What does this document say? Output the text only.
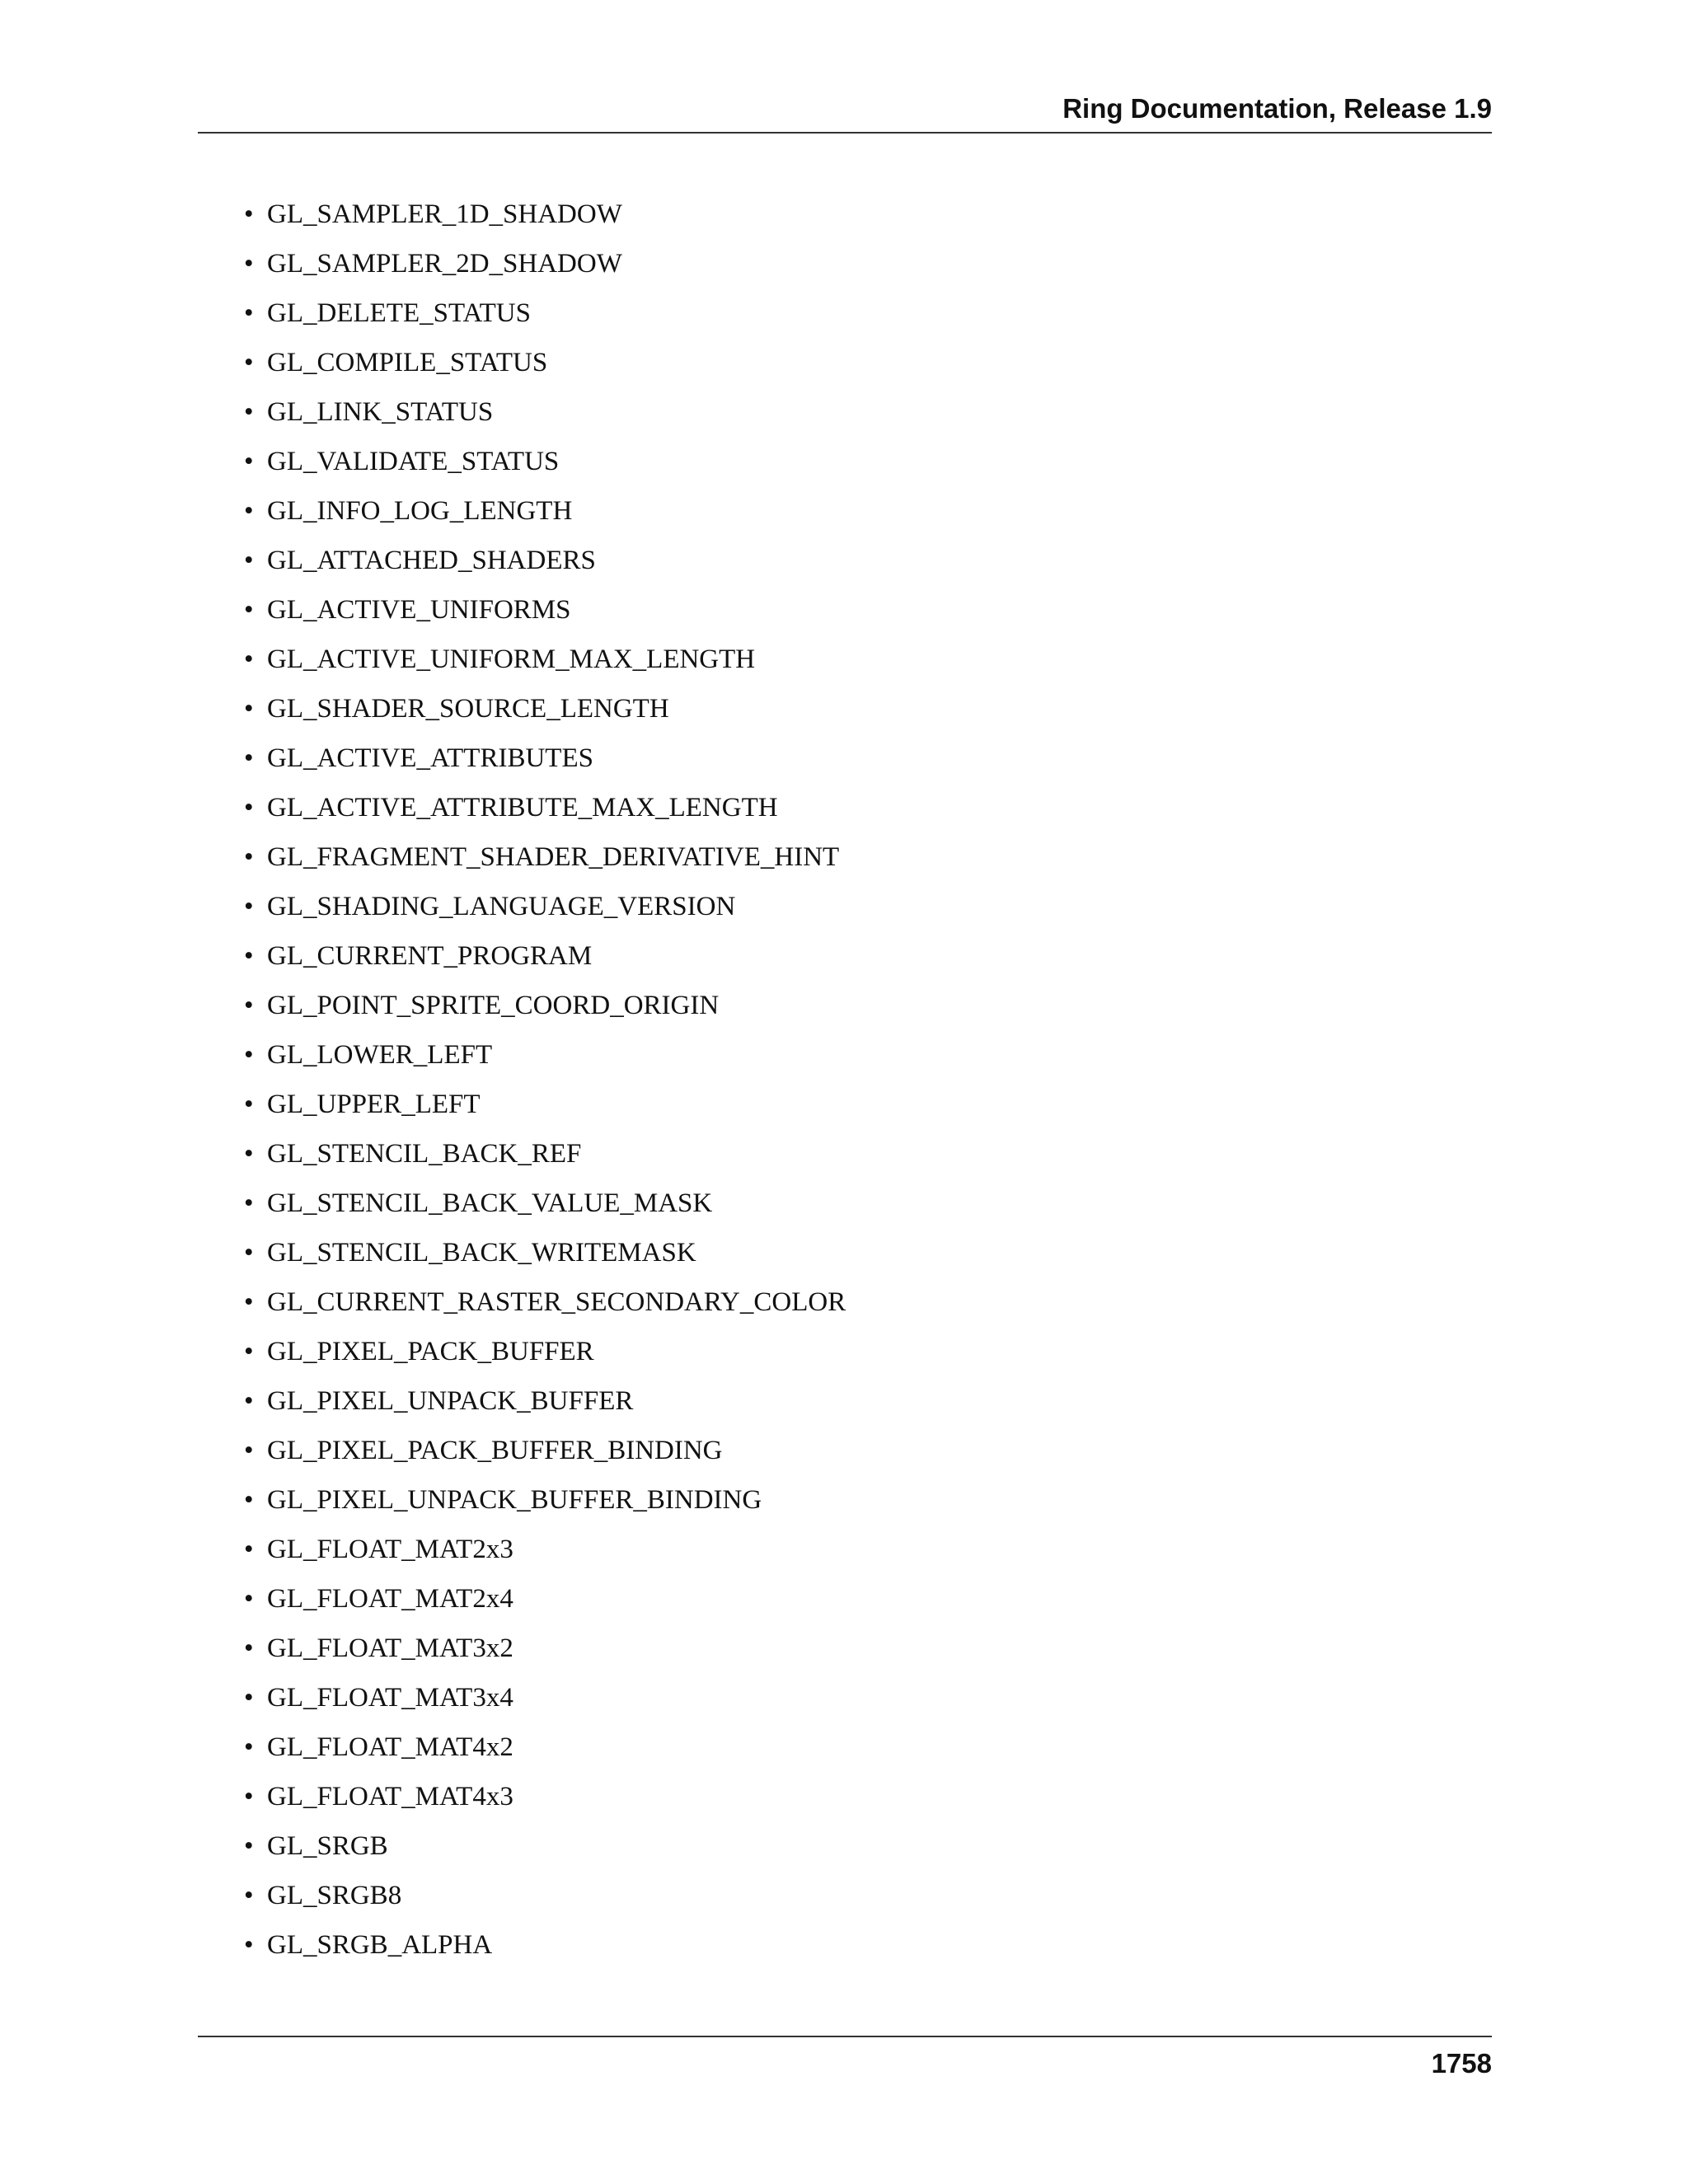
Ring Documentation, Release 1.9
• GL_SAMPLER_1D_SHADOW
• GL_SAMPLER_2D_SHADOW
• GL_DELETE_STATUS
• GL_COMPILE_STATUS
• GL_LINK_STATUS
• GL_VALIDATE_STATUS
• GL_INFO_LOG_LENGTH
• GL_ATTACHED_SHADERS
• GL_ACTIVE_UNIFORMS
• GL_ACTIVE_UNIFORM_MAX_LENGTH
• GL_SHADER_SOURCE_LENGTH
• GL_ACTIVE_ATTRIBUTES
• GL_ACTIVE_ATTRIBUTE_MAX_LENGTH
• GL_FRAGMENT_SHADER_DERIVATIVE_HINT
• GL_SHADING_LANGUAGE_VERSION
• GL_CURRENT_PROGRAM
• GL_POINT_SPRITE_COORD_ORIGIN
• GL_LOWER_LEFT
• GL_UPPER_LEFT
• GL_STENCIL_BACK_REF
• GL_STENCIL_BACK_VALUE_MASK
• GL_STENCIL_BACK_WRITEMASK
• GL_CURRENT_RASTER_SECONDARY_COLOR
• GL_PIXEL_PACK_BUFFER
• GL_PIXEL_UNPACK_BUFFER
• GL_PIXEL_PACK_BUFFER_BINDING
• GL_PIXEL_UNPACK_BUFFER_BINDING
• GL_FLOAT_MAT2x3
• GL_FLOAT_MAT2x4
• GL_FLOAT_MAT3x2
• GL_FLOAT_MAT3x4
• GL_FLOAT_MAT4x2
• GL_FLOAT_MAT4x3
• GL_SRGB
• GL_SRGB8
• GL_SRGB_ALPHA
1758
